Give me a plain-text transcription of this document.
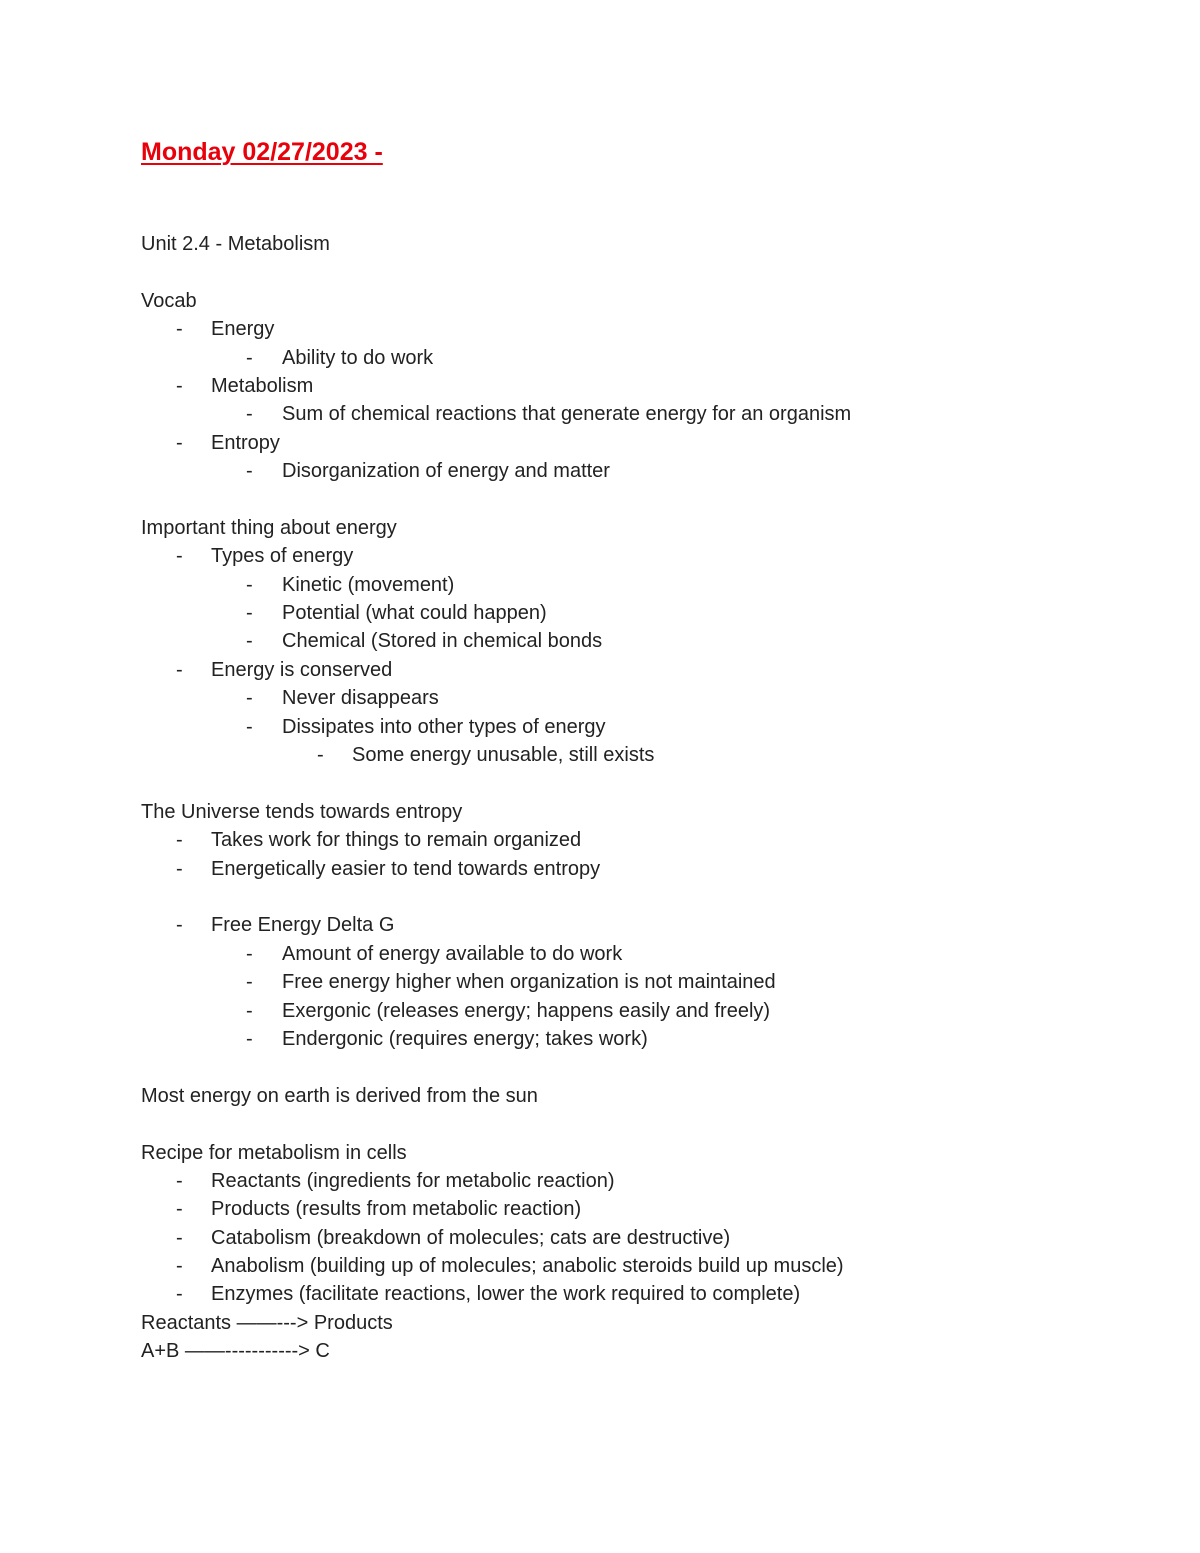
Monday 02/27/2023 -
Unit 2.4 - Metabolism
Vocab
- Energy
- Ability to do work
- Metabolism
- Sum of chemical reactions that generate energy for an organism
- Entropy
- Disorganization of energy and matter
Important thing about energy
- Types of energy
- Kinetic (movement)
- Potential (what could happen)
- Chemical (Stored in chemical bonds
- Energy is conserved
- Never disappears
- Dissipates into other types of energy
- Some energy unusable, still exists
The Universe tends towards entropy
- Takes work for things to remain organized
- Energetically easier to tend towards entropy
- Free Energy Delta G
- Amount of energy available to do work
- Free energy higher when organization is not maintained
- Exergonic (releases energy; happens easily and freely)
- Endergonic (requires energy; takes work)
Most energy on earth is derived from the sun
Recipe for metabolism in cells
- Reactants (ingredients for metabolic reaction)
- Products (results from metabolic reaction)
- Catabolism (breakdown of molecules; cats are destructive)
- Anabolism (building up of molecules; anabolic steroids build up muscle)
- Enzymes (facilitate reactions, lower the work required to complete)
Reactants ——---> Products
A+B ——-----------> C
